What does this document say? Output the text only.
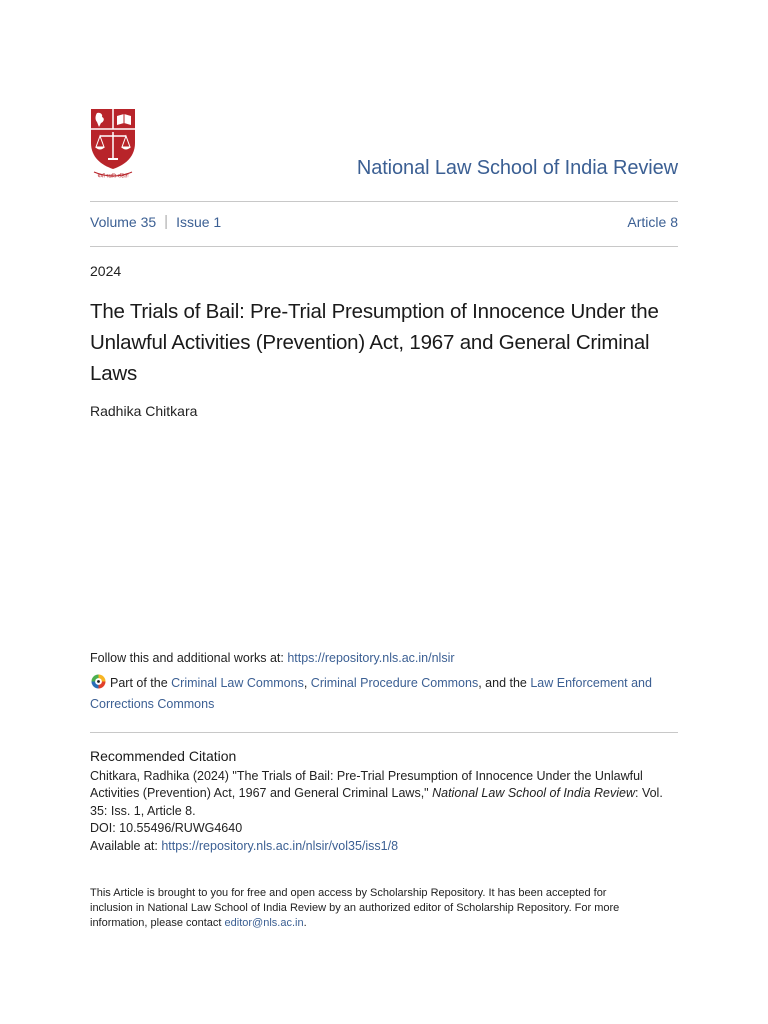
धर्मो रक्षति रक्षितः	National Law School of India Review
Volume 35 | Issue 1	Article 8
2024
The Trials of Bail: Pre-Trial Presumption of Innocence Under the Unlawful Activities (Prevention) Act, 1967 and General Criminal Laws
Radhika Chitkara
Follow this and additional works at: https://repository.nls.ac.in/nlsir
Part of the Criminal Law Commons, Criminal Procedure Commons, and the Law Enforcement and Corrections Commons
Recommended Citation
Chitkara, Radhika (2024) "The Trials of Bail: Pre-Trial Presumption of Innocence Under the Unlawful Activities (Prevention) Act, 1967 and General Criminal Laws," National Law School of India Review: Vol. 35: Iss. 1, Article 8.
DOI: 10.55496/RUWG4640
Available at: https://repository.nls.ac.in/nlsir/vol35/iss1/8
This Article is brought to you for free and open access by Scholarship Repository. It has been accepted for inclusion in National Law School of India Review by an authorized editor of Scholarship Repository. For more information, please contact editor@nls.ac.in.
